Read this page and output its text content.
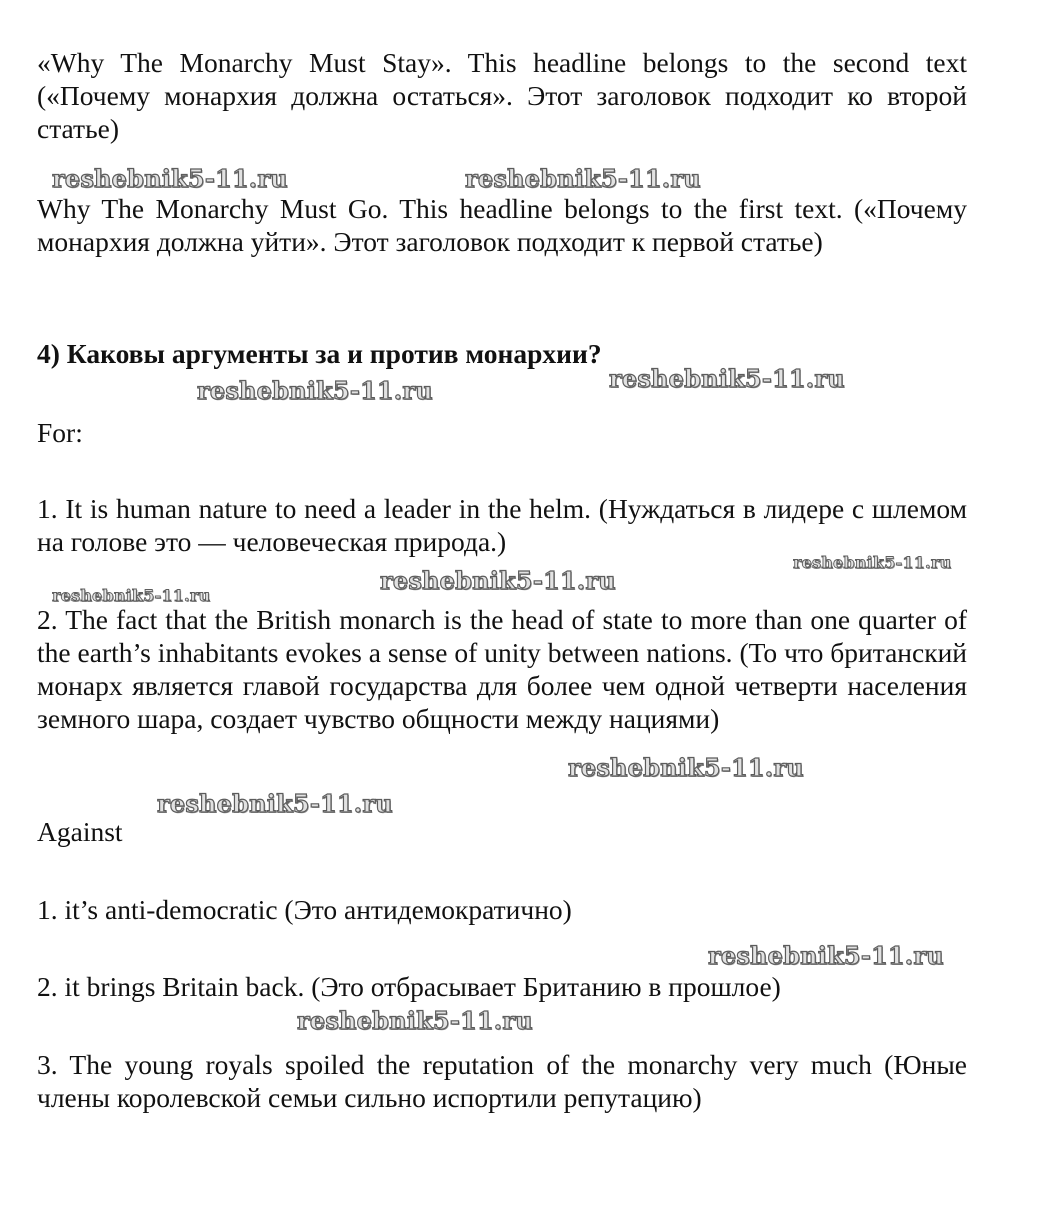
«Why The Monarchy Must Stay». This headline belongs to the second text («Почему монархия должна остаться». Этот заголовок подходит ко второй статье)

Why The Monarchy Must Go. This headline belongs to the first text. («Почему монархия должна уйти». Этот заголовок подходит к первой статье)

4) Каковы аргументы за и против монархии?

For:

1. It is human nature to need a leader in the helm. (Нуждаться в лидере с шлемом на голове это — человеческая природа.)

2. The fact that the British monarch is the head of state to more than one quarter of the earth’s inhabitants evokes a sense of unity between nations. (То что британский монарх является главой государства для более чем одной четверти населения земного шара, создает чувство общности между нациями)

Against

1. it’s anti-democratic (Это антидемократично)

2. it brings Britain back. (Это отбрасывает Британию в прошлое)

3. The young royals spoiled the reputation of the monarchy very much (Юные члены королевской семьи сильно испортили репутацию)

reshebnik5-11.ru	reshebnik5-11.ru
reshebnik5-11.ru	reshebnik5-11.ru
reshebnik5-11.ru
reshebnik5-11.ru
reshebnik5-11.ru
reshebnik5-11.ru
reshebnik5-11.ru
reshebnik5-11.ru
reshebnik5-11.ru
